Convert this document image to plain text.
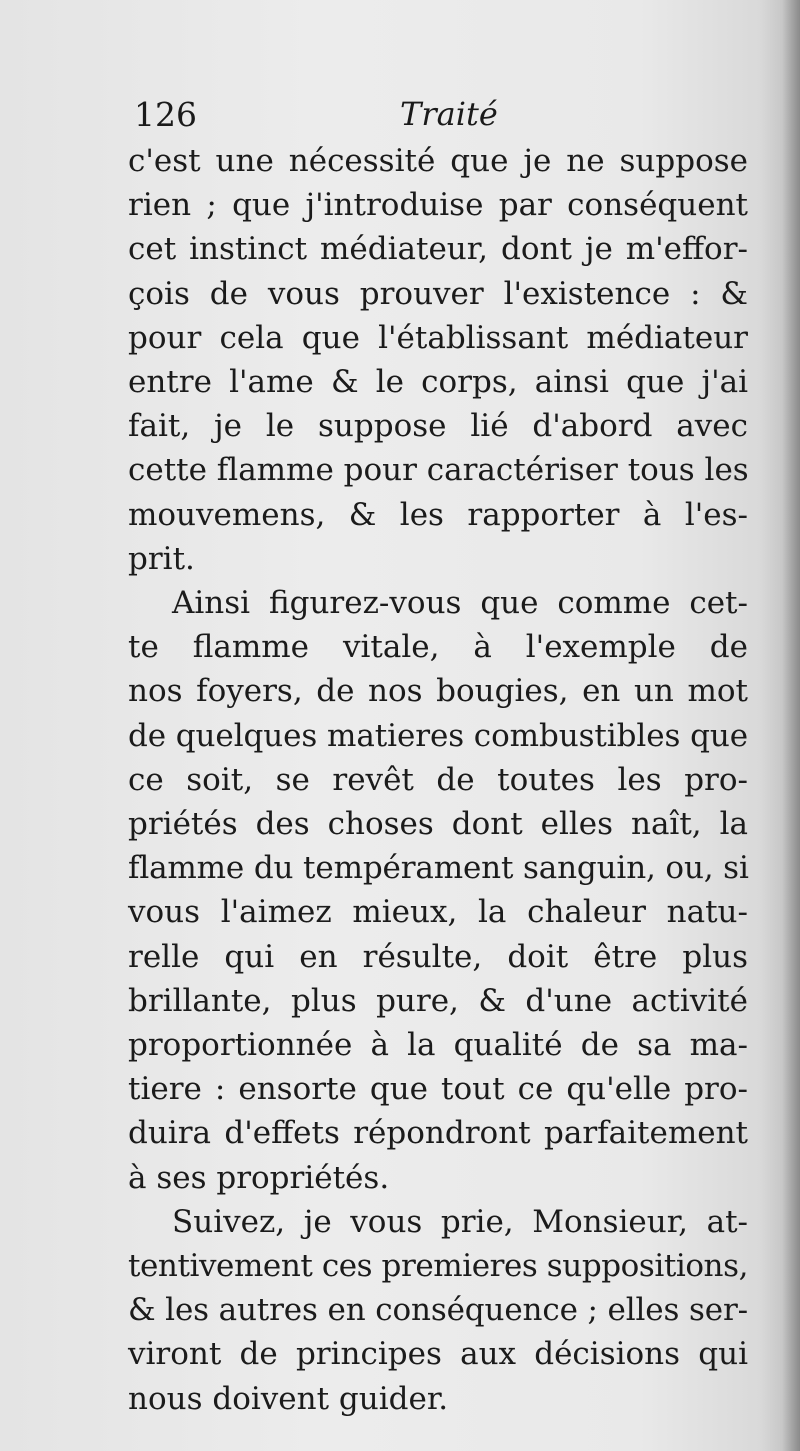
126	Traité
c'est une nécessité que je ne suppose
rien ; que j'introduise par conséquent
cet instinct médiateur, dont je m'effor-
çois de vous prouver l'existence : &
pour cela que l'établissant médiateur
entre l'ame & le corps, ainsi que j'ai
fait, je le suppose lié d'abord avec
cette flamme pour caractériser tous les
mouvemens, & les rapporter à l'es-
prit.
Ainsi figurez-vous que comme cet-
te flamme vitale, à l'exemple de
nos foyers, de nos bougies, en un mot
de quelques matieres combustibles que
ce soit, se revêt de toutes les pro-
priétés des choses dont elles naît, la
flamme du tempérament sanguin, ou, si
vous l'aimez mieux, la chaleur natu-
relle qui en résulte, doit être plus
brillante, plus pure, & d'une activité
proportionnée à la qualité de sa ma-
tiere : ensorte que tout ce qu'elle pro-
duira d'effets répondront parfaitement
à ses propriétés.
Suivez, je vous prie, Monsieur, at-
tentivement ces premieres suppositions,
& les autres en conséquence ; elles ser-
viront de principes aux décisions qui
nous doivent guider.
